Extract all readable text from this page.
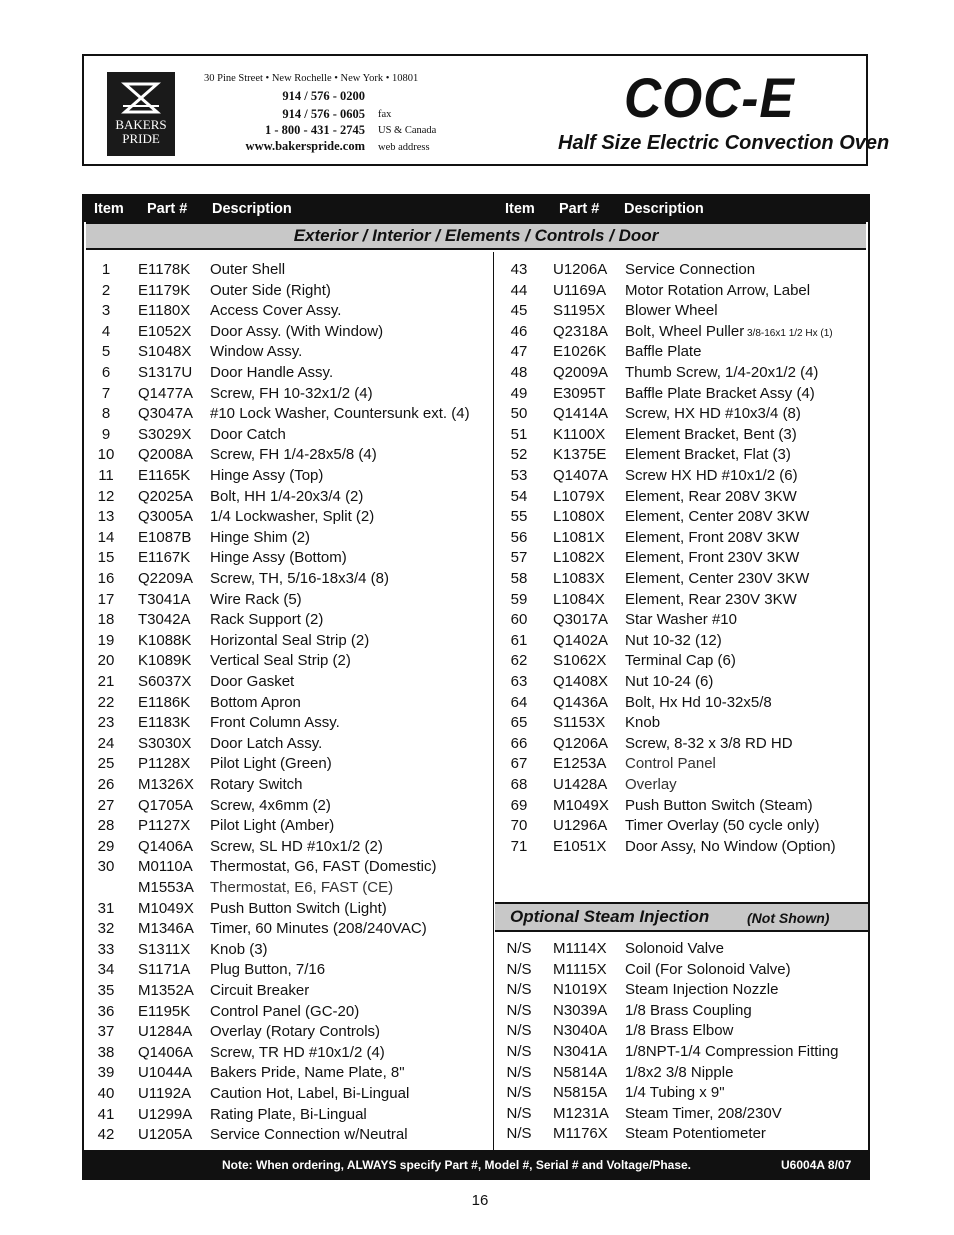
BAKERS
PRIDE
30 Pine Street • New Rochelle • New York • 10801
914 / 576 - 0200
914 / 576 - 0605 fax
1 - 800 - 431 - 2745 US & Canada
www.bakerspride.com web address
COC-E
Half Size Electric Convection Oven
Item Part # Description	Item Part # Description
Exterior / Interior / Elements / Controls / Door
1	E1178K Outer Shell
2	E1179K Outer Side (Right)
3	E1180X Access Cover Assy.
4	E1052X Door Assy. (With Window)
5	S1048X Window Assy.
6	S1317U Door Handle Assy.
7	Q1477A Screw, FH 10-32x1/2 (4)
8	Q3047A #10 Lock Washer, Countersunk ext. (4)
9	S3029X Door Catch
10	Q2008A Screw, FH 1/4-28x5/8 (4)
11	E1165K Hinge Assy (Top)
12	Q2025A Bolt, HH 1/4-20x3/4 (2)
13	Q3005A 1/4 Lockwasher, Split (2)
14	E1087B Hinge Shim (2)
15	E1167K Hinge Assy (Bottom)
16	Q2209A Screw, TH, 5/16-18x3/4 (8)
17	T3041A Wire Rack (5)
18	T3042A Rack Support (2)
19	K1088K Horizontal Seal Strip (2)
20	K1089K Vertical Seal Strip (2)
21	S6037X Door Gasket
22	E1186K Bottom Apron
23	E1183K Front Column Assy.
24	S3030X Door Latch Assy.
25	P1128X Pilot Light (Green)
26	M1326X Rotary Switch
27	Q1705A Screw, 4x6mm (2)
28	P1127X Pilot Light (Amber)
29	Q1406A Screw, SL HD #10x1/2 (2)
30	M0110A Thermostat, G6, FAST (Domestic)
M1553A Thermostat, E6, FAST (CE)
31	M1049X Push Button Switch (Light)
32	M1346A Timer, 60 Minutes (208/240VAC)
33	S1311X Knob (3)
34	S1171A Plug Button, 7/16
35	M1352A Circuit Breaker
36	E1195K Control Panel (GC-20)
37	U1284A Overlay (Rotary Controls)
38	Q1406A Screw, TR HD #10x1/2 (4)
39	U1044A Bakers Pride, Name Plate, 8"
40	U1192A Caution Hot, Label, Bi-Lingual
41	U1299A Rating Plate, Bi-Lingual
42	U1205A Service Connection w/Neutral
43	U1206A Service Connection
44	U1169A Motor Rotation Arrow, Label
45	S1195X Blower Wheel
46	Q2318A Bolt, Wheel Puller 3/8-16x1 1/2 Hx (1)
47	E1026K Baffle Plate
48	Q2009A Thumb Screw, 1/4-20x1/2 (4)
49	E3095T Baffle Plate Bracket Assy (4)
50	Q1414A Screw, HX HD #10x3/4 (8)
51	K1100X Element Bracket, Bent (3)
52	K1375E Element Bracket, Flat (3)
53	Q1407A Screw HX HD #10x1/2 (6)
54	L1079X Element, Rear 208V 3KW
55	L1080X Element, Center 208V 3KW
56	L1081X Element, Front 208V 3KW
57	L1082X Element, Front 230V 3KW
58	L1083X Element, Center 230V 3KW
59	L1084X Element, Rear 230V 3KW
60	Q3017A Star Washer #10
61	Q1402A Nut 10-32 (12)
62	S1062X Terminal Cap (6)
63	Q1408X Nut 10-24 (6)
64	Q1436A Bolt, Hx Hd 10-32x5/8
65	S1153X Knob
66	Q1206A Screw, 8-32 x 3/8 RD HD
67	E1253A Control Panel
68	U1428A Overlay
69	M1049X Push Button Switch (Steam)
70	U1296A Timer Overlay (50 cycle only)
71	E1051X Door Assy, No Window (Option)
Optional Steam Injection	(Not Shown)
N/S M1114X Solonoid Valve
N/S M1115X Coil (For Solonoid Valve)
N/S N1019X Steam Injection Nozzle
N/S N3039A 1/8 Brass Coupling
N/S N3040A 1/8 Brass Elbow
N/S N3041A 1/8NPT-1/4 Compression Fitting
N/S N5814A 1/8x2 3/8 Nipple
N/S N5815A 1/4 Tubing x 9"
N/S M1231A Steam Timer, 208/230V
N/S M1176X Steam Potentiometer
Note: When ordering, ALWAYS specify Part #, Model #, Serial # and Voltage/Phase.	U6004A 8/07
16
